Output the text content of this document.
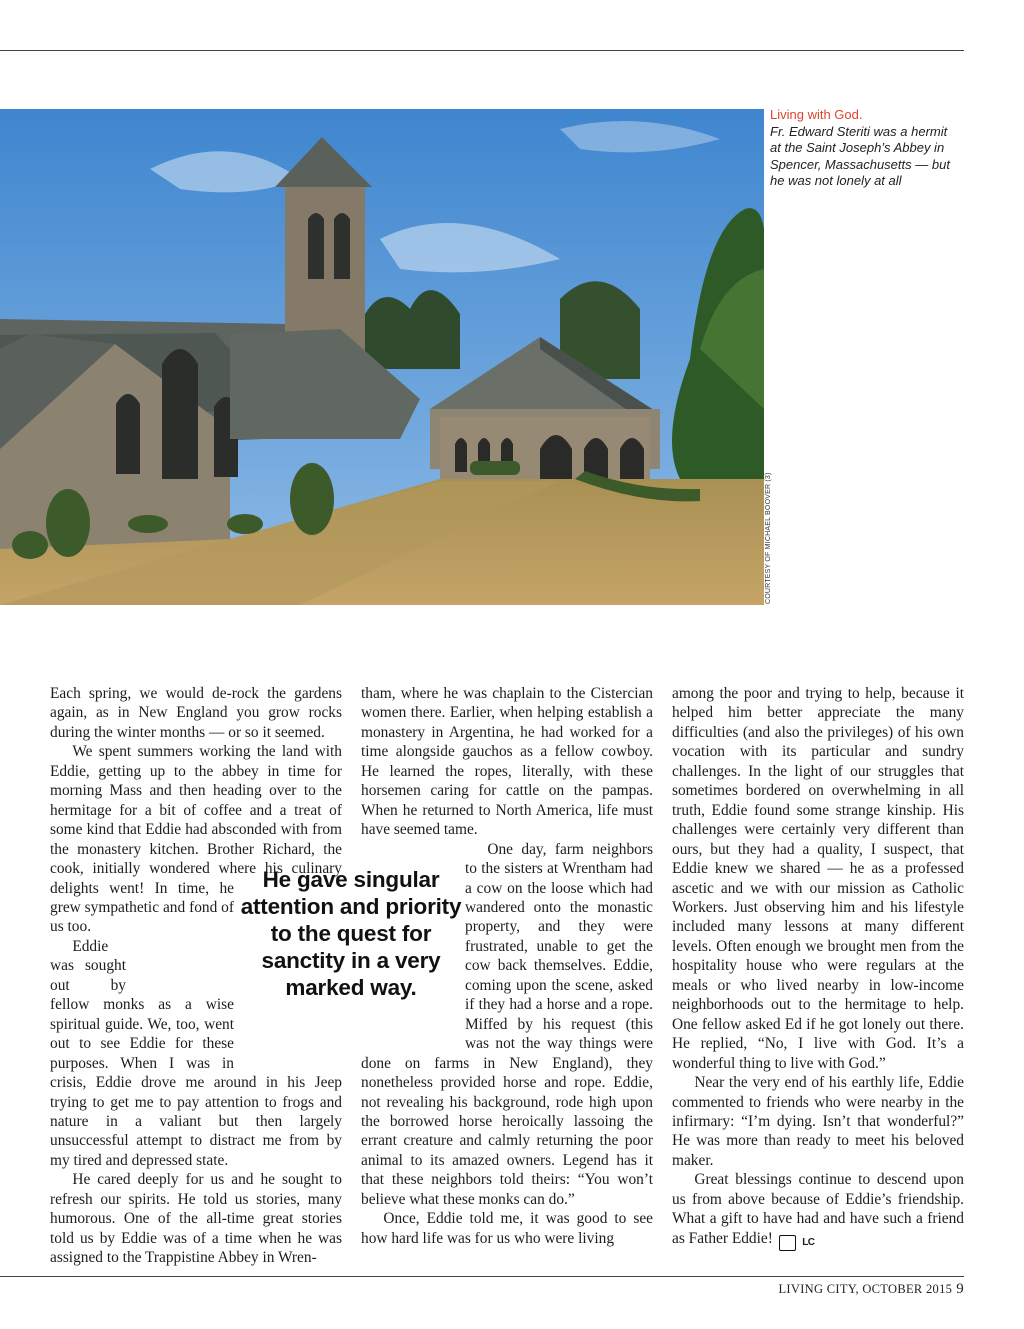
COURTESY OF MICHAEL BOOVER (3)
Living with God.
Fr. Edward Steriti was a hermit at the Saint Joseph’s Abbey in Spencer, Massachusetts — but he was not lonely at all

Each spring, we would de-rock the gardens again, as in New England you grow rocks during the winter months — or so it seemed.

We spent summers working the land with Eddie, getting up to the abbey in time for morning Mass and then heading over to the hermitage for a bit of coffee and a treat of some kind that Eddie had absconded with from the monastery kitchen. Brother Richard, the cook, initially wondered where his culinary delights went! In time, he grew sympathetic and fond of us too.

Eddie was sought out by fellow monks as a wise spiritual guide. We, too, went out to see Eddie for these purposes. When I was in crisis, Eddie drove me around in his Jeep trying to get me to pay attention to frogs and nature in a valiant but then largely unsuccessful attempt to distract me from by my tired and depressed state.

He cared deeply for us and he sought to refresh our spirits. He told us stories, many humorous. One of the all-time great stories told us by Eddie was of a time when he was assigned to the Trappistine Abbey in Wren-

tham, where he was chaplain to the Cistercian women there. Earlier, when helping establish a monastery in Argentina, he had worked for a time alongside gauchos as a fellow cowboy. He learned the ropes, literally, with these horsemen caring for cattle on the pampas. When he returned to North America, life must have seemed tame.

One day, farm neighbors to the sisters at Wrentham had a cow on the loose which had wandered onto the monastic property, and they were frustrated, unable to get the cow back themselves. Eddie, coming upon the scene, asked if they had a horse and a rope. Miffed by his request (this was not the way things were done on farms in New England), they nonetheless provided horse and rope. Eddie, not revealing his background, rode high upon the borrowed horse heroically lassoing the errant creature and calmly returning the poor animal to its amazed owners. Legend has it that these neighbors told theirs: “You won’t believe what these monks can do.”

Once, Eddie told me, it was good to see how hard life was for us who were living

He gave singular attention and priority to the quest for sanctity in a very marked way.

among the poor and trying to help, because it helped him better appreciate the many difficulties (and also the privileges) of his own vocation with its particular and sundry challenges. In the light of our struggles that sometimes bordered on overwhelming in all truth, Eddie found some strange kinship. His challenges were certainly very different than ours, but they had a quality, I suspect, that Eddie knew we shared — he as a professed ascetic and we with our mission as Catholic Workers. Just observing him and his lifestyle included many lessons at many different levels. Often enough we brought men from the hospitality house who were regulars at the meals or who lived nearby in low-income neighborhoods out to the hermitage to help. One fellow asked Ed if he got lonely out there. He replied, “No, I live with God. It’s a wonderful thing to live with God.”

Near the very end of his earthly life, Eddie commented to friends who were nearby in the infirmary: “I’m dying. Isn’t that wonderful?” He was more than ready to meet his beloved maker.

Great blessings continue to descend upon us from above because of Eddie’s friendship. What a gift to have had and have such a friend as Father Eddie!	LC

LIVING CITY, OCTOBER 2015 9
